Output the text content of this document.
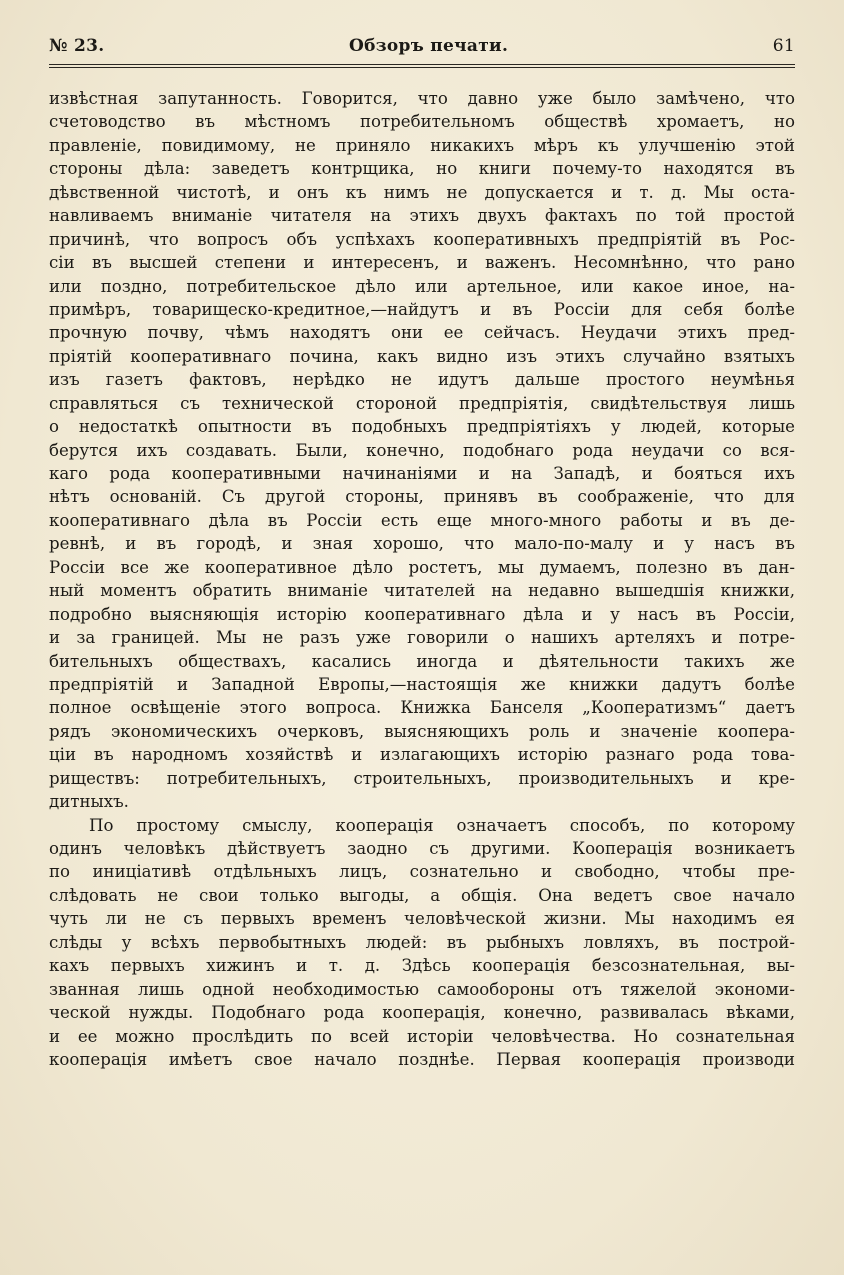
№ 23.	Обзоръ печати.	61
извѣстная запутанность. Говорится, что давно уже было замѣчено, что
счетоводство въ мѣстномъ потребительномъ обществѣ хромаетъ, но
правленіе, повидимому, не приняло никакихъ мѣръ къ улучшенію этой
стороны дѣла: заведетъ контрщика, но книги почему-то находятся въ
дѣвственной чистотѣ, и онъ къ нимъ не допускается и т. д. Мы оста-
навливаемъ вниманіе читателя на этихъ двухъ фактахъ по той простой
причинѣ, что вопросъ объ успѣхахъ кооперативныхъ предпріятій въ Рос-
сіи въ высшей степени и интересенъ, и важенъ. Несомнѣнно, что рано
или поздно, потребительское дѣло или артельное, или какое иное, на-
примѣръ, товарищеско-кредитное,—найдутъ и въ Россіи для себя болѣе
прочную почву, чѣмъ находятъ они ее сейчасъ. Неудачи этихъ пред-
пріятій кооперативнаго почина, какъ видно изъ этихъ случайно взятыхъ
изъ газетъ фактовъ, нерѣдко не идутъ дальше простого неумѣнья
справляться съ технической стороной предпріятія, свидѣтельствуя лишь
о недостаткѣ опытности въ подобныхъ предпріятіяхъ у людей, которые
берутся ихъ создавать. Были, конечно, подобнаго рода неудачи со вся-
каго рода кооперативными начинаніями и на Западѣ, и бояться ихъ
нѣтъ основаній. Съ другой стороны, принявъ въ соображеніе, что для
кооперативнаго дѣла въ Россіи есть еще много-много работы и въ де-
ревнѣ, и въ городѣ, и зная хорошо, что мало-по-малу и у насъ въ
Россіи все же кооперативное дѣло ростетъ, мы думаемъ, полезно въ дан-
ный моментъ обратить вниманіе читателей на недавно вышедшія книжки,
подробно выясняющія исторію кооперативнаго дѣла и у насъ въ Россіи,
и за границей. Мы не разъ уже говорили о нашихъ артеляхъ и потре-
бительныхъ обществахъ, касались иногда и дѣятельности такихъ же
предпріятій и Западной Европы,—настоящія же книжки дадутъ болѣе
полное освѣщеніе этого вопроса. Книжка Банселя „Кооператизмъ“ даетъ
рядъ экономическихъ очерковъ, выясняющихъ роль и значеніе коопера-
ціи въ народномъ хозяйствѣ и излагающихъ исторію разнаго рода това-
риществъ: потребительныхъ, строительныхъ, производительныхъ и кре-
дитныхъ.
По простому смыслу, кооперація означаетъ способъ, по которому
одинъ человѣкъ дѣйствуетъ заодно съ другими. Кооперація возникаетъ
по иниціативѣ отдѣльныхъ лицъ, сознательно и свободно, чтобы пре-
слѣдовать не свои только выгоды, а общія. Она ведетъ свое начало
чуть ли не съ первыхъ временъ человѣческой жизни. Мы находимъ ея
слѣды у всѣхъ первобытныхъ людей: въ рыбныхъ ловляхъ, въ построй-
кахъ первыхъ хижинъ и т. д. Здѣсь кооперація безсознательная, вы-
званная лишь одной необходимостью самообороны отъ тяжелой экономи-
ческой нужды. Подобнаго рода кооперація, конечно, развивалась вѣками,
и ее можно прослѣдить по всей исторіи человѣчества. Но сознательная
кооперація имѣетъ свое начало позднѣе. Первая кооперація производи
